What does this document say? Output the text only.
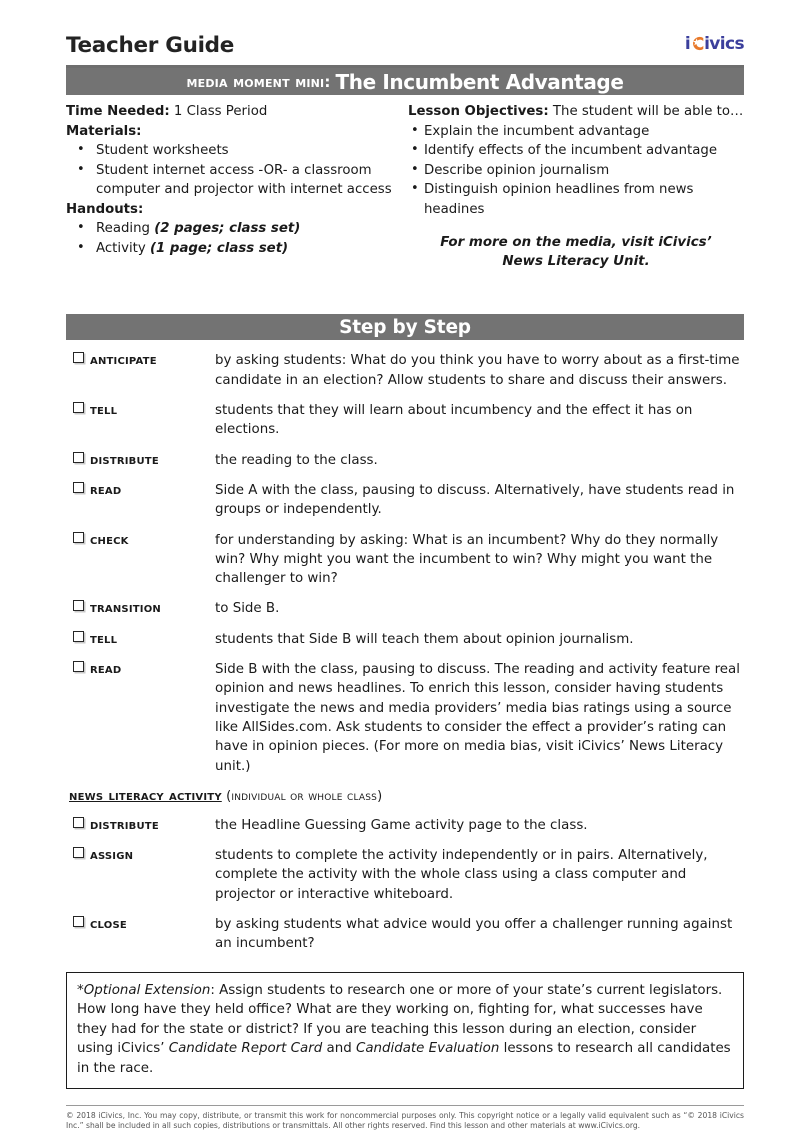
Teacher Guide	i ivics
media moment mini: The Incumbent Advantage
Time Needed: 1 Class Period
Materials:
• Student worksheets
• Student internet access -OR- a classroom computer and projector with internet access
Handouts:
• Reading (2 pages; class set)
• Activity (1 page; class set)
Lesson Objectives: The student will be able to…
• Explain the incumbent advantage
• Identify effects of the incumbent advantage
• Describe opinion journalism
• Distinguish opinion headlines from news headines
For more on the media, visit iCivics’ News Literacy Unit.
Step by Step
anticipate	by asking students: What do you think you have to worry about as a first-time candidate in an election? Allow students to share and discuss their answers.
tell	students that they will learn about incumbency and the effect it has on elections.
distribute	the reading to the class.
read	Side A with the class, pausing to discuss. Alternatively, have students read in groups or independently.
check	for understanding by asking: What is an incumbent? Why do they normally win? Why might you want the incumbent to win? Why might you want the challenger to win?
transition	to Side B.
tell	students that Side B will teach them about opinion journalism.
read	Side B with the class, pausing to discuss. The reading and activity feature real opinion and news headlines. To enrich this lesson, consider having students investigate the news and media providers’ media bias ratings using a source like AllSides.com. Ask students to consider the effect a provider’s rating can have in opinion pieces. (For more on media bias, visit iCivics’ News Literacy unit.)
news literacy activity (individual or whole class)
distribute	the Headline Guessing Game activity page to the class.
assign	students to complete the activity independently or in pairs. Alternatively, complete the activity with the whole class using a class computer and projector or interactive whiteboard.
close	by asking students what advice would you offer a challenger running against an incumbent?
*Optional Extension: Assign students to research one or more of your state’s current legislators. How long have they held office? What are they working on, fighting for, what successes have they had for the state or district? If you are teaching this lesson during an election, consider using iCivics’ Candidate Report Card and Candidate Evaluation lessons to research all candidates in the race.
© 2018 iCivics, Inc. You may copy, distribute, or transmit this work for noncommercial purposes only. This copyright notice or a legally valid equivalent such as “© 2018 iCivics Inc.” shall be included in all such copies, distributions or transmittals. All other rights reserved. Find this lesson and other materials at www.iCivics.org.
